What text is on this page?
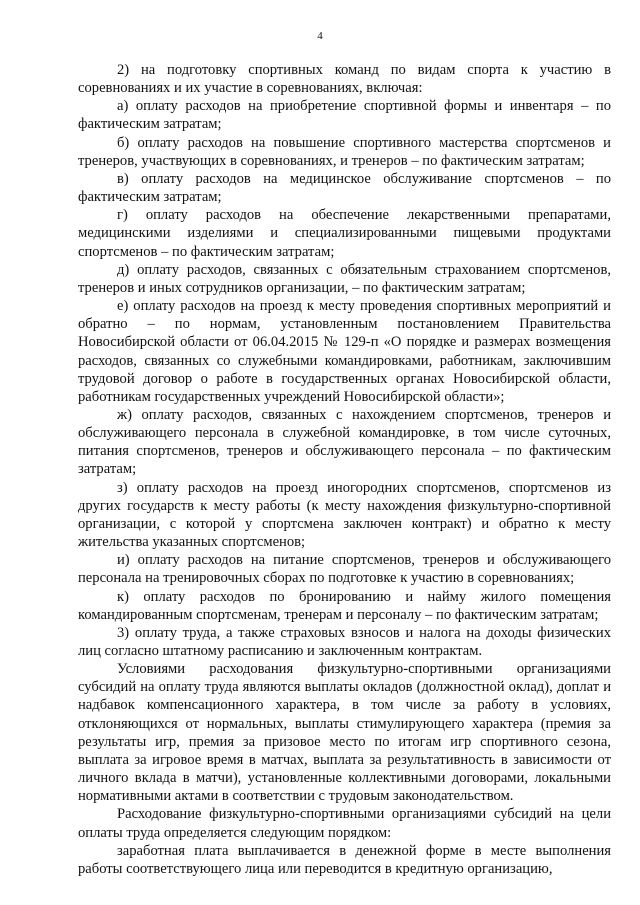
4

2) на подготовку спортивных команд по видам спорта к участию в соревнованиях и их участие в соревнованиях, включая:

а) оплату расходов на приобретение спортивной формы и инвентаря – по фактическим затратам;

б) оплату расходов на повышение спортивного мастерства спортсменов и тренеров, участвующих в соревнованиях, и тренеров – по фактическим затратам;

в) оплату расходов на медицинское обслуживание спортсменов – по фактическим затратам;

г) оплату расходов на обеспечение лекарственными препаратами, медицинскими изделиями и специализированными пищевыми продуктами спортсменов – по фактическим затратам;

д) оплату расходов, связанных с обязательным страхованием спортсменов, тренеров и иных сотрудников организации, – по фактическим затратам;

е) оплату расходов на проезд к месту проведения спортивных мероприятий и обратно – по нормам, установленным постановлением Правительства Новосибирской области от 06.04.2015 № 129-п «О порядке и размерах возмещения расходов, связанных со служебными командировками, работникам, заключившим трудовой договор о работе в государственных органах Новосибирской области, работникам государственных учреждений Новосибирской области»;

ж) оплату расходов, связанных с нахождением спортсменов, тренеров и обслуживающего персонала в служебной командировке, в том числе суточных, питания спортсменов, тренеров и обслуживающего персонала – по фактическим затратам;

з) оплату расходов на проезд иногородних спортсменов, спортсменов из других государств к месту работы (к месту нахождения физкультурно-спортивной организации, с которой у спортсмена заключен контракт) и обратно к месту жительства указанных спортсменов;

и) оплату расходов на питание спортсменов, тренеров и обслуживающего персонала на тренировочных сборах по подготовке к участию в соревнованиях;

к) оплату расходов по бронированию и найму жилого помещения командированным спортсменам, тренерам и персоналу – по фактическим затратам;

3) оплату труда, а также страховых взносов и налога на доходы физических лиц согласно штатному расписанию и заключенным контрактам.

Условиями расходования физкультурно-спортивными организациями субсидий на оплату труда являются выплаты окладов (должностной оклад), доплат и надбавок компенсационного характера, в том числе за работу в условиях, отклоняющихся от нормальных, выплаты стимулирующего характера (премия за результаты игр, премия за призовое место по итогам игр спортивного сезона, выплата за игровое время в матчах, выплата за результативность в зависимости от личного вклада в матчи), установленные коллективными договорами, локальными нормативными актами в соответствии с трудовым законодательством.

Расходование физкультурно-спортивными организациями субсидий на цели оплаты труда определяется следующим порядком:

заработная плата выплачивается в денежной форме в месте выполнения работы соответствующего лица или переводится в кредитную организацию,
